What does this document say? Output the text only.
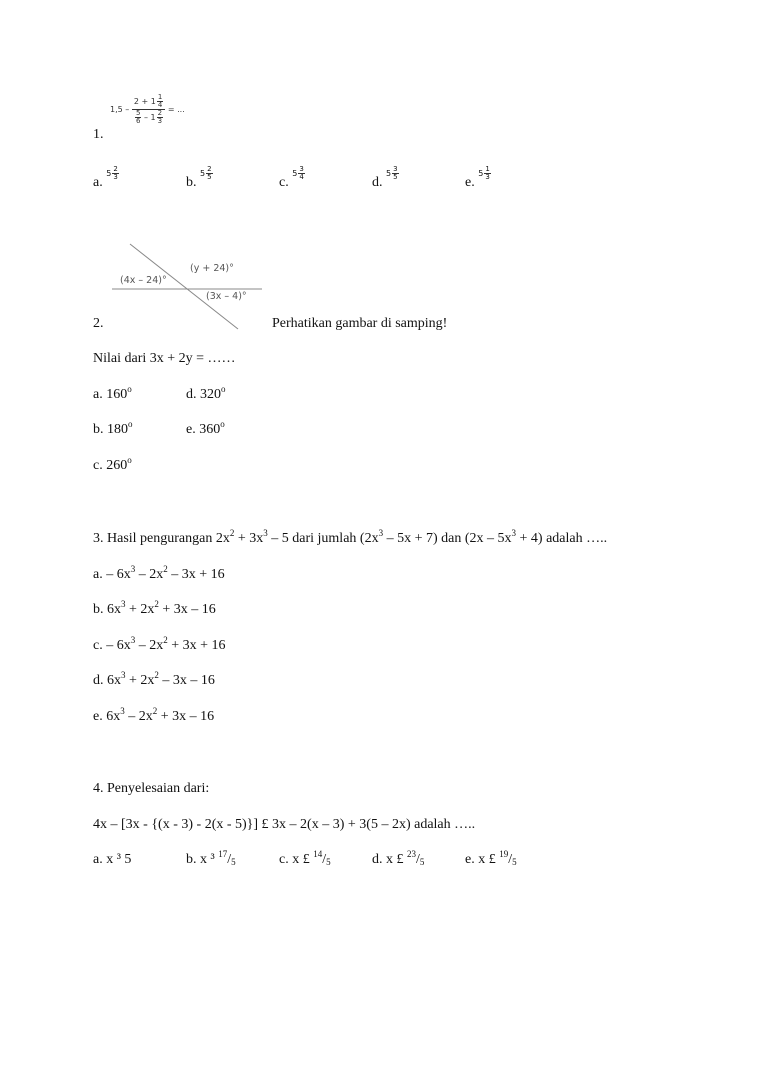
1,5
–
2
+
$1 \frac{1}{4}$
$\frac{5}{6}$
–
$1 \frac{2}{3}$
= ...
1.
a.

$5 \frac{2}{3}$
b.

$5 \frac{2}{5}$
c.

$5 \frac{3}{4}$
d.

$5 \frac{3}{5}$
e.

$5 \frac{1}{3}$
(4x – 24)°
(y + 24)°
(3x – 4)°
2.	Perhatikan gambar di samping!
Nilai dari 3x + 2y = ……
a. 160$^o$	d. 320$^o$
b. 180$^o$	e. 360$^o$
c. 260$^o$
3. Hasil pengurangan $2x^2 + 3x^3 - 5$ dari jumlah $(2x^3 - 5x + 7)$ dan $(2x - 5x^3 + 4)$ adalah …..
a. – $6x^3 - 2x^2 - 3x + 16$
b. $6x^3 + 2x^2 + 3x - 16$
c. – $6x^3 - 2x^2 + 3x + 16$
d. $6x^3 + 2x^2 - 3x - 16$
e. $6x^3 - 2x^2 + 3x - 16$
4. Penyelesaian dari:
4x – [3x - {(x - 3) - 2(x - 5)}] £ 3x – 2(x – 3) + 3(5 – 2x) adalah …..
a. x ³ 5	b. x ³ $^{17}/_5$	c. x £ $^{14}/_5$	d. x £ $^{23}/_5$	e. x £ $^{19}/_5$
